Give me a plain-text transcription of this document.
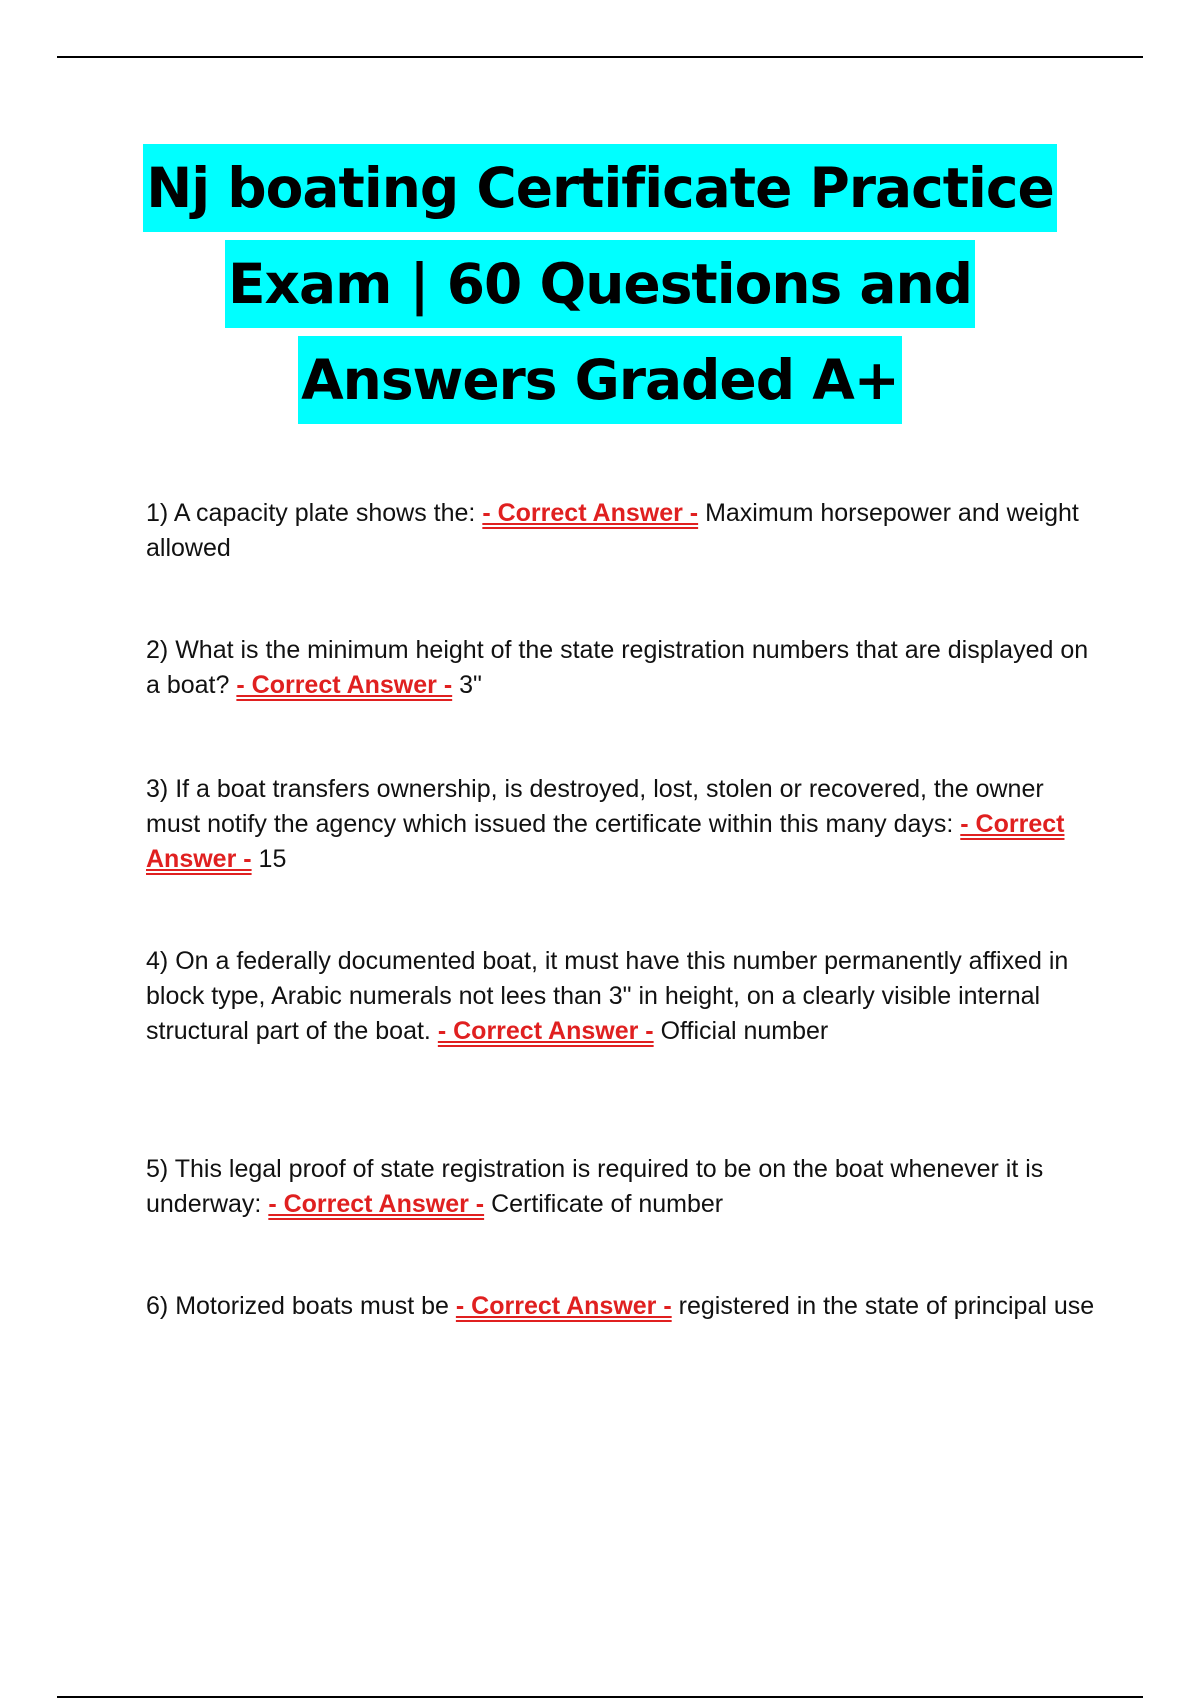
Nj boating Certificate Practice
Exam | 60 Questions and
Answers Graded A+
1) A capacity plate shows the: - Correct Answer - Maximum horsepower and weight allowed
2) What is the minimum height of the state registration numbers that are displayed on a boat? - Correct Answer - 3"
3) If a boat transfers ownership, is destroyed, lost, stolen or recovered, the owner must notify the agency which issued the certificate within this many days: - Correct Answer - 15
4) On a federally documented boat, it must have this number permanently affixed in block type, Arabic numerals not lees than 3" in height, on a clearly visible internal structural part of the boat. - Correct Answer - Official number
5) This legal proof of state registration is required to be on the boat whenever it is underway: - Correct Answer - Certificate of number
6) Motorized boats must be - Correct Answer - registered in the state of principal use
